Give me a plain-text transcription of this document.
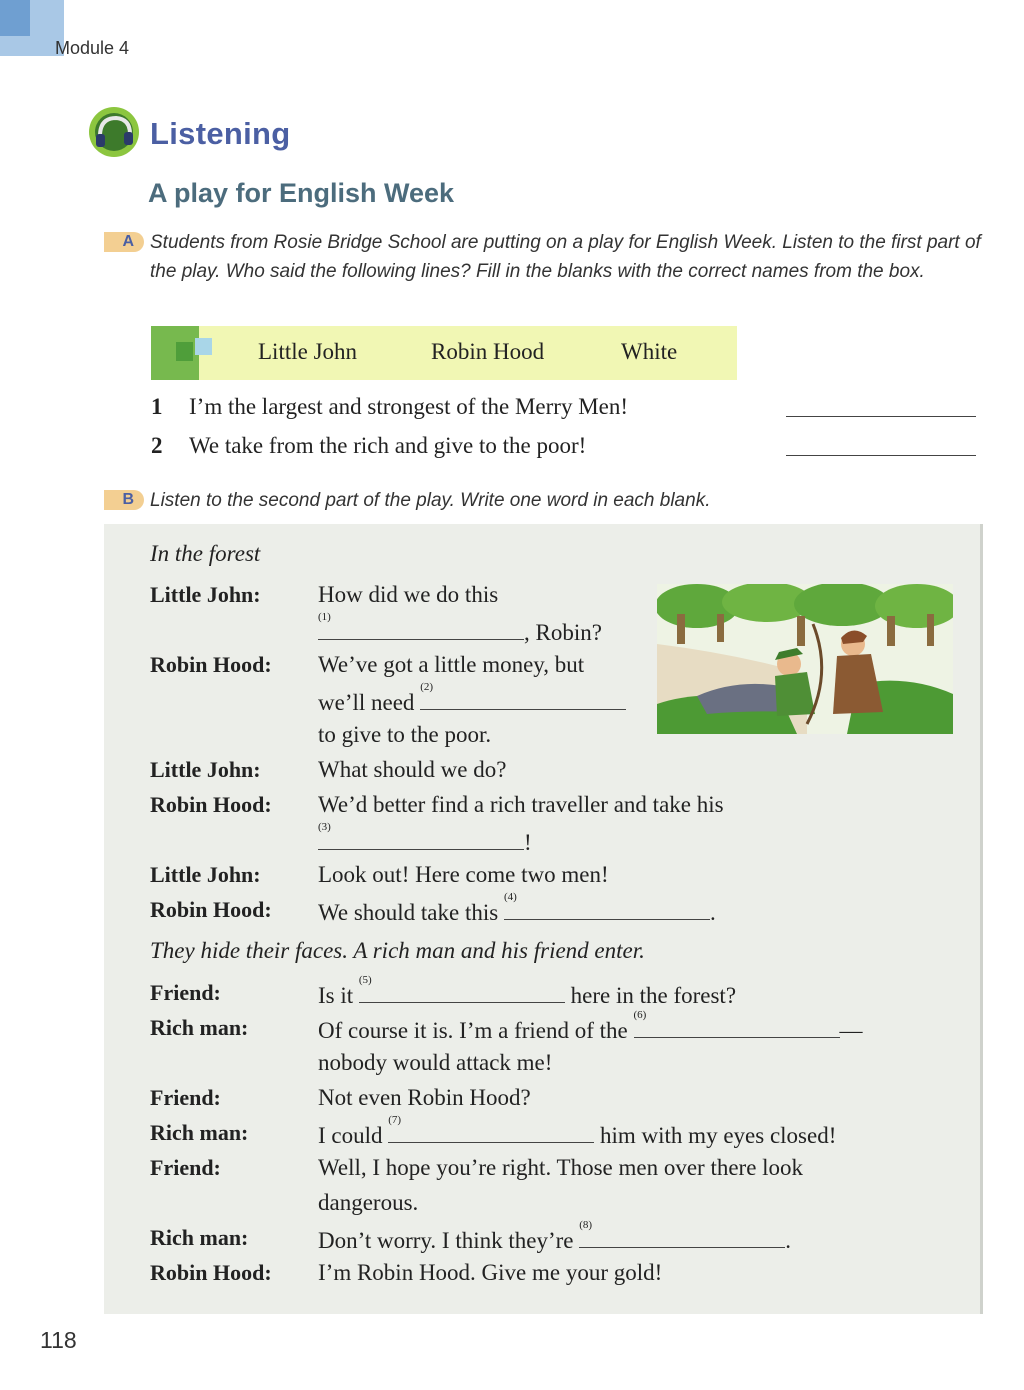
Module 4
Listening
A play for English Week
A Students from Rosie Bridge School are putting on a play for English Week. Listen to the first part of the play. Who said the following lines? Fill in the blanks with the correct names from the box.
Little John	Robin Hood	White
1 I’m the largest and strongest of the Merry Men!
2 We take from the rich and give to the poor!
B Listen to the second part of the play. Write one word in each blank.
In the forest
Little John: How did we do this
(1)
, Robin?
Robin Hood: We’ve got a little money, but
we’ll need
(2)
to give to the poor.
Little John: What should we do?
Robin Hood: We’d better find a rich traveller and take his
(3)
!
Little John: Look out! Here come two men!
Robin Hood: We should take this
(4)
.
They hide their faces. A rich man and his friend enter.
Friend:	Is it
(5)
here in the forest?
Rich man:	Of course it is. I’m a friend of the
(6)
—
nobody would attack me!
Friend:	Not even Robin Hood?
Rich man:	I could
(7)
him with my eyes closed!
Friend:	Well, I hope you’re right. Those men over there look
dangerous.
Rich man:	Don’t worry. I think they’re
(8)
.
Robin Hood: I’m Robin Hood. Give me your gold!
118
